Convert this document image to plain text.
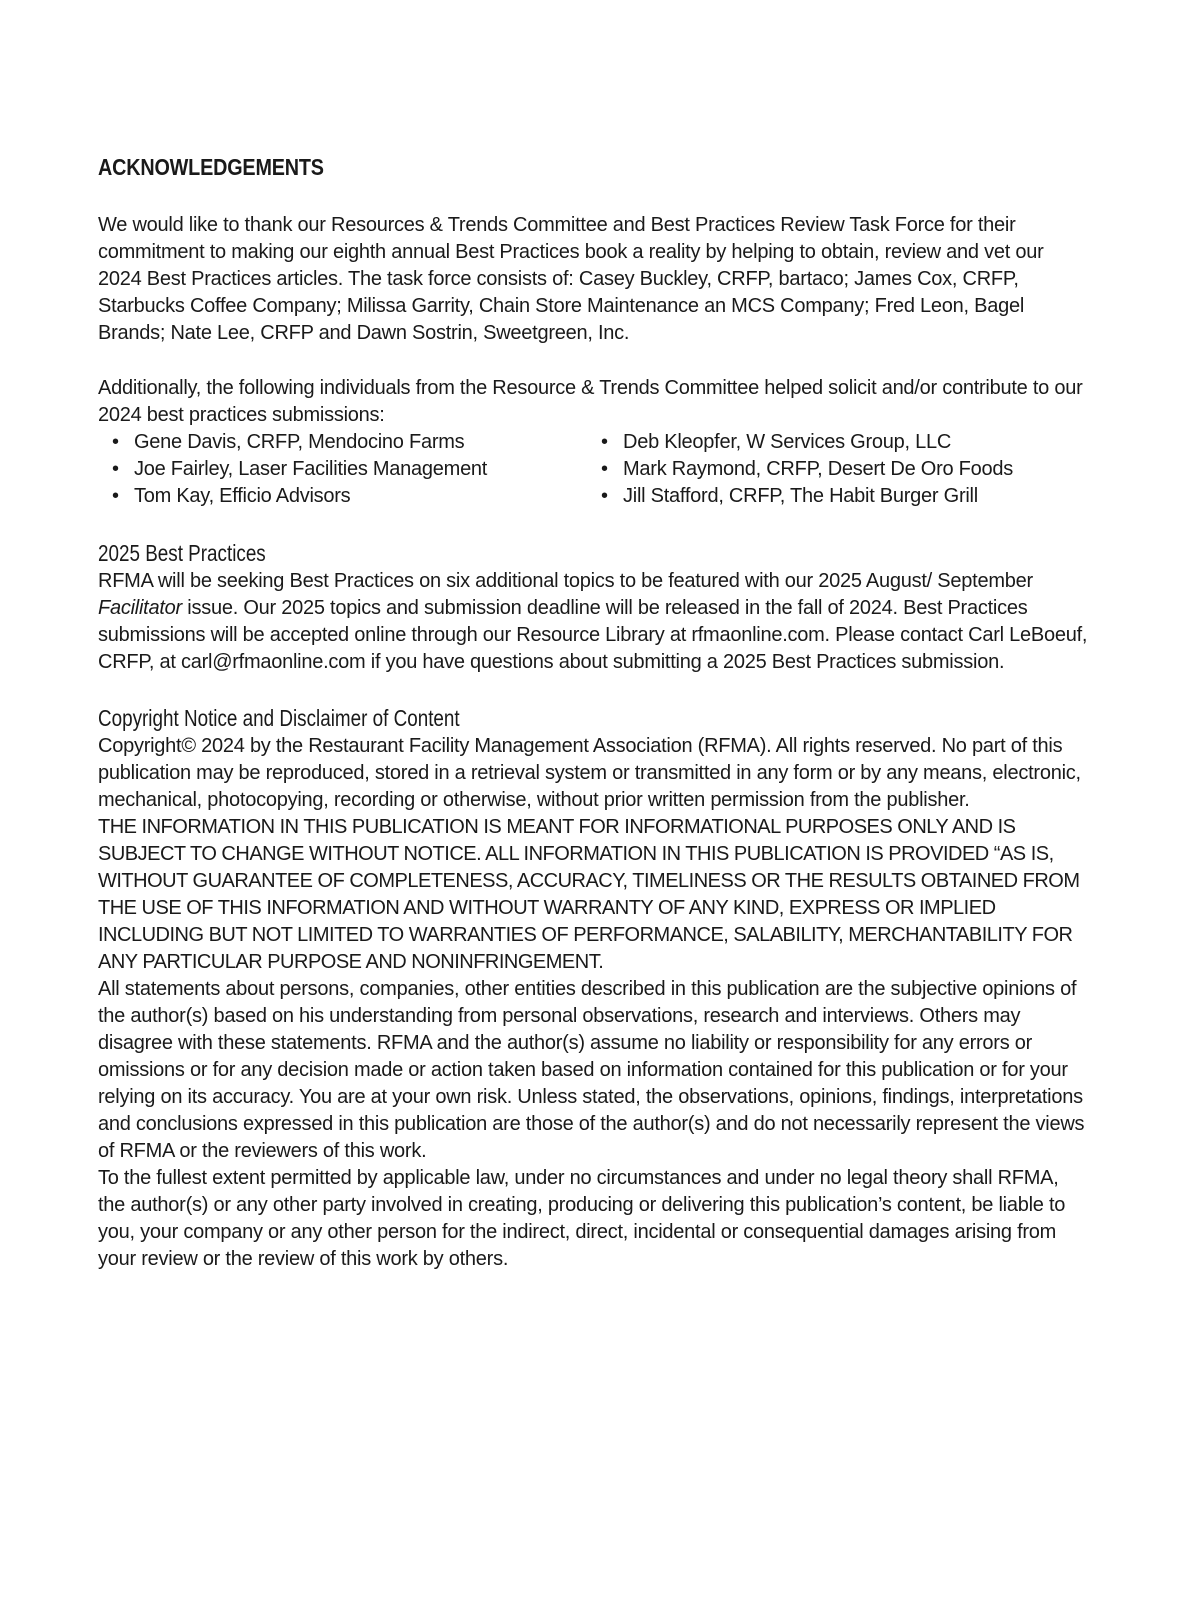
ACKNOWLEDGEMENTS

We would like to thank our Resources & Trends Committee and Best Practices Review Task Force for their commitment to making our eighth annual Best Practices book a reality by helping to obtain, review and vet our 2024 Best Practices articles. The task force consists of: Casey Buckley, CRFP, bartaco; James Cox, CRFP, Starbucks Coffee Company; Milissa Garrity, Chain Store Maintenance an MCS Company; Fred Leon, Bagel Brands; Nate Lee, CRFP and Dawn Sostrin, Sweetgreen, Inc.

Additionally, the following individuals from the Resource & Trends Committee helped solicit and/or contribute to our 2024 best practices submissions:

• Gene Davis, CRFP, Mendocino Farms
• Joe Fairley, Laser Facilities Management
• Tom Kay, Efficio Advisors
• Deb Kleopfer, W Services Group, LLC
• Mark Raymond, CRFP, Desert De Oro Foods
• Jill Stafford, CRFP, The Habit Burger Grill
2025 Best Practices

RFMA will be seeking Best Practices on six additional topics to be featured with our 2025 August/ September Facilitator issue. Our 2025 topics and submission deadline will be released in the fall of 2024. Best Practices submissions will be accepted online through our Resource Library at rfmaonline.com. Please contact Carl LeBoeuf, CRFP, at carl@rfmaonline.com if you have questions about submitting a 2025 Best Practices submission.

Copyright Notice and Disclaimer of Content

Copyright© 2024 by the Restaurant Facility Management Association (RFMA). All rights reserved. No part of this publication may be reproduced, stored in a retrieval system or transmitted in any form or by any means, electronic, mechanical, photocopying, recording or otherwise, without prior written permission from the publisher.

THE INFORMATION IN THIS PUBLICATION IS MEANT FOR INFORMATIONAL PURPOSES ONLY AND IS SUBJECT TO CHANGE WITHOUT NOTICE. ALL INFORMATION IN THIS PUBLICATION IS PROVIDED “AS IS, WITHOUT GUARANTEE OF COMPLETENESS, ACCURACY, TIMELINESS OR THE RESULTS OBTAINED FROM THE USE OF THIS INFORMATION AND WITHOUT WARRANTY OF ANY KIND, EXPRESS OR IMPLIED INCLUDING BUT NOT LIMITED TO WARRANTIES OF PERFORMANCE, SALABILITY, MERCHANTABILITY FOR ANY PARTICULAR PURPOSE AND NONINFRINGEMENT.

All statements about persons, companies, other entities described in this publication are the subjective opinions of the author(s) based on his understanding from personal observations, research and interviews. Others may disagree with these statements. RFMA and the author(s) assume no liability or responsibility for any errors or omissions or for any decision made or action taken based on information contained for this publication or for your relying on its accuracy. You are at your own risk. Unless stated, the observations, opinions, findings, interpretations and conclusions expressed in this publication are those of the author(s) and do not necessarily represent the views of RFMA or the reviewers of this work.

To the fullest extent permitted by applicable law, under no circumstances and under no legal theory shall RFMA, the author(s) or any other party involved in creating, producing or delivering this publication’s content, be liable to you, your company or any other person for the indirect, direct, incidental or consequential damages arising from your review or the review of this work by others.
